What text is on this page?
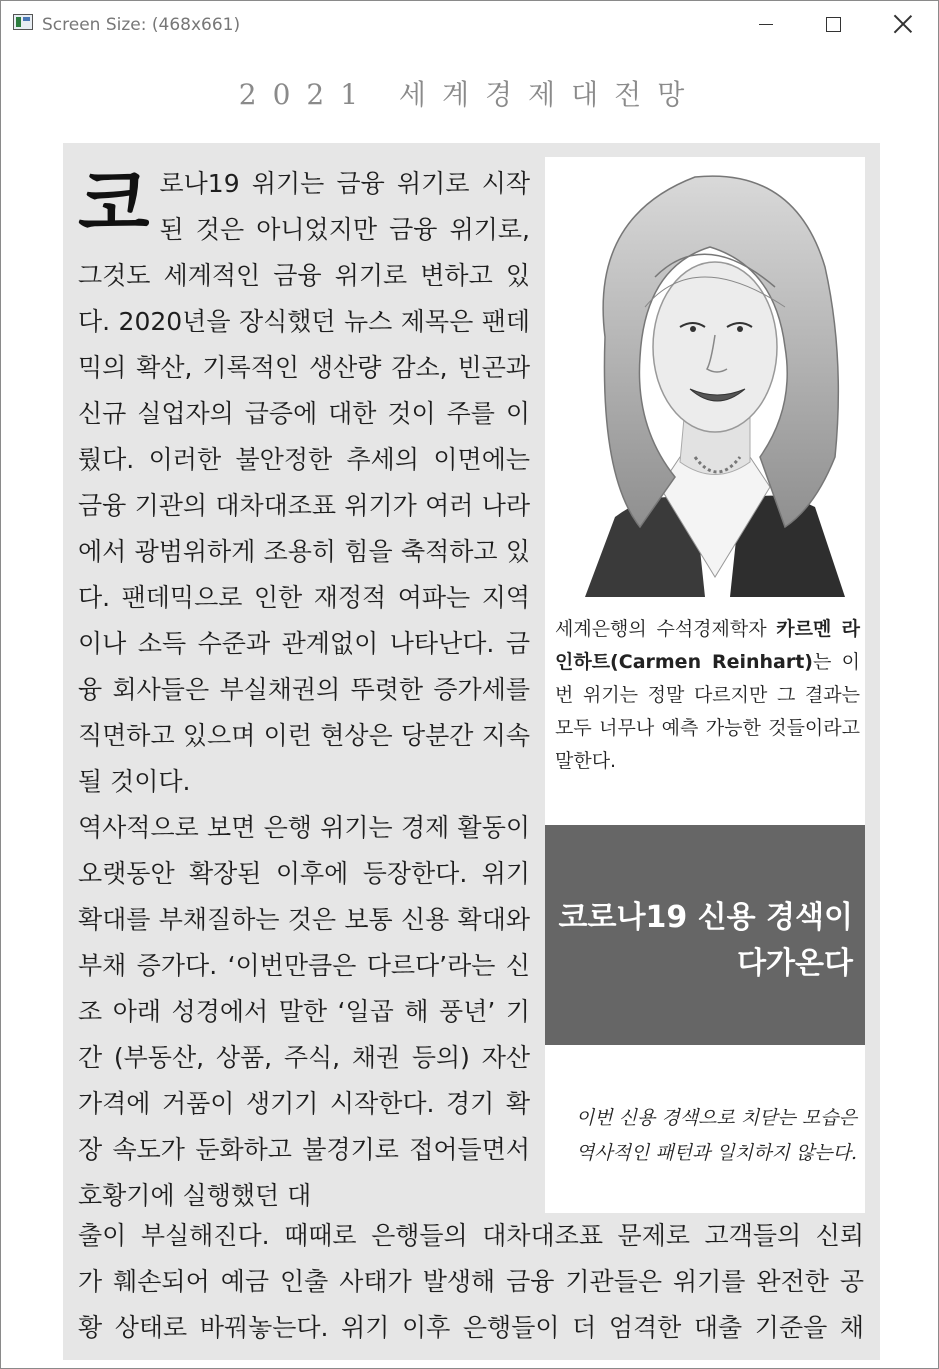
Screen Size: (468x661)
2021 세계경제대전망

코로나19 위기는 금융 위기로 시작된 것은 아니었지만 금융 위기로, 그것도 세계적인 금융 위기로 변하고 있다. 2020년을 장식했던 뉴스 제목은 팬데믹의 확산, 기록적인 생산량 감소, 빈곤과 신규 실업자의 급증에 대한 것이 주를 이뤘다. 이러한 불안정한 추세의 이면에는 금융 기관의 대차대조표 위기가 여러 나라에서 광범위하게 조용히 힘을 축적하고 있다. 팬데믹으로 인한 재정적 여파는 지역이나 소득 수준과 관계없이 나타난다. 금융 회사들은 부실채권의 뚜렷한 증가세를 직면하고 있으며 이런 현상은 당분간 지속될 것이다.

역사적으로 보면 은행 위기는 경제 활동이 오랫동안 확장된 이후에 등장한다. 위기 확대를 부채질하는 것은 보통 신용 확대와 부채 증가다. ‘이번만큼은 다르다’라는 신조 아래 성경에서 말한 ‘일곱 해 풍년’ 기간 (부동산, 상품, 주식, 채권 등의) 자산 가격에 거품이 생기기 시작한다. 경기 확장 속도가 둔화하고 불경기로 접어들면서 호황기에 실행했던 대

세계은행의 수석경제학자 카르멘 라인하트(Carmen Reinhart)는 이번 위기는 정말 다르지만 그 결과는 모두 너무나 예측 가능한 것들이라고 말한다.
코로나19 신용 경색이
다가온다
이번 신용 경색으로 치닫는 모습은 역사적인 패턴과 일치하지 않는다.
출이 부실해진다. 때때로 은행들의 대차대조표 문제로 고객들의 신뢰
가 훼손되어 예금 인출 사태가 발생해 금융 기관들은 위기를 완전한 공
황 상태로 바꿔놓는다. 위기 이후 은행들이 더 엄격한 대출 기준을 채
